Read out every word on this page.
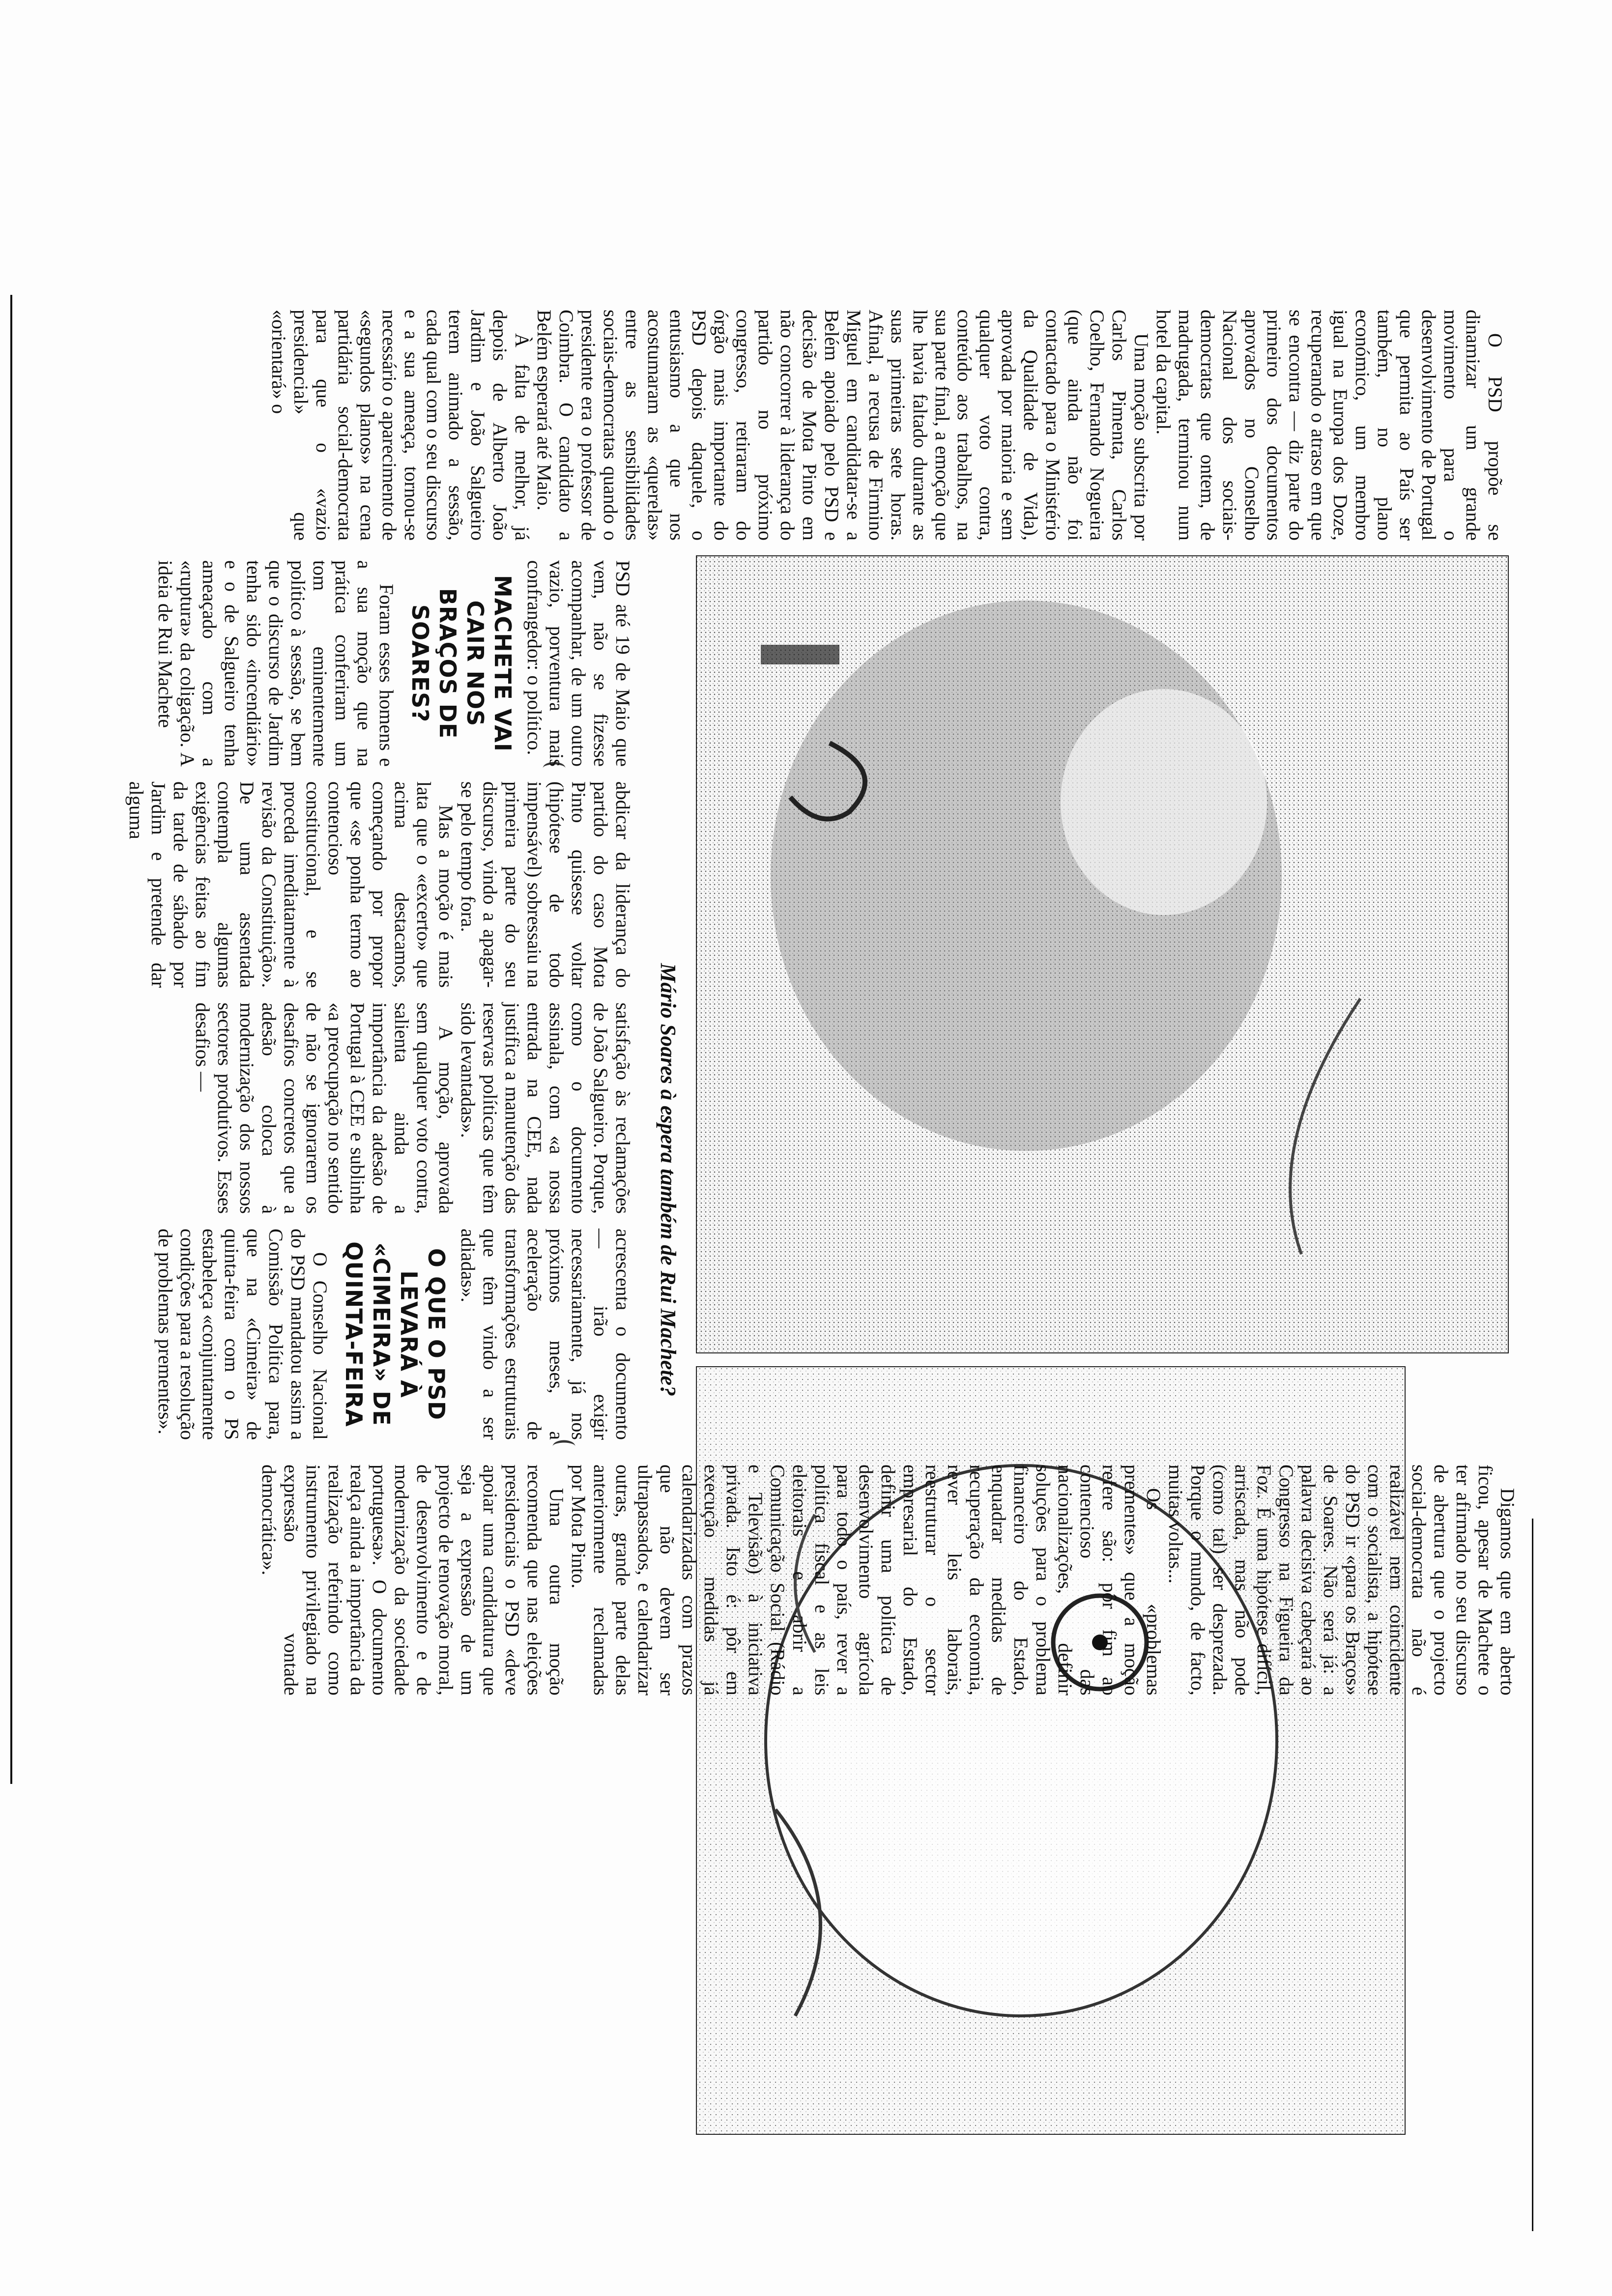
O PSD propõe se dinamizar um grande movimento para o desenvolvimento de Portugal que permita ao País ser também, no plano económico, um membro igual na Europa dos Doze, recuperando o atraso em que se encontra — diz parte do primeiro dos documentos aprovados no Conselho Nacional dos sociais-democratas que ontem, de madrugada, terminou num hotel da capital.

Uma moção subscrita por Carlos Pimenta, Carlos Coelho, Fernando Nogueira (que ainda não foi contactado para o Ministério da Qualidade de Vida), aprovada por maioria e sem qualquer voto contra, conteúdo aos trabalhos, na sua parte final, a emoção que lhe havia faltado durante as suas primeiras sete horas. Afinal, a recusa de Firmino Miguel em candidatar-se a Belém apoiado pelo PSD e decisão de Mota Pinto em não concorrer à liderança do partido no próximo congresso, retiraram do órgão mais importante do PSD depois daquele, o entusiasmo a que nos acostumaram as «querelas» entre as sensibilidades sociais-democratas quando o presidente era o professor de Coimbra. O candidato a Belém esperará até Maio.

À falta de melhor, já depois de Alberto João Jardim e João Salgueiro terem animado a sessão, cada qual com o seu discurso e a sua ameaça, tornou-se necessário o aparecimento de «segundos planos» na cena partidária social-democrata para que o «vazio presidencial» que «orientará» o

Mário Soares à espera também de Rui Machete?

PSD até 19 de Maio que vem, não se fizesse acompanhar, de um outro vazio, porventura mais confrangedor: o político.

MACHETE VAI CAIR NOS BRAÇOS DE SOARES?

Foram esses homens e a sua moção que na prática conferiram um tom eminentemente político à sessão, se bem que o discurso de Jardim tenha sido «incendiário» e o de Salgueiro tenha ameaçado com a «ruptura» da coligação. A ideia de Rui Machete

abdicar da liderança do partido do caso Mota Pinto quisesse voltar (hipótese de todo impensável) sobressaiu na primeira parte do seu discurso, vindo a apagar-se pelo tempo fora.

Mas a moção é mais lata que o «excerto» que acima destacamos, começando por propor que «se ponha termo ao contencioso constitucional, e se proceda imediatamente à revisão da Constituição». De uma assentada contempla algumas exigências feitas ao fim da tarde de sábado por Jardim e pretende dar alguma

satisfação às reclamações de João Salgueiro. Porque, como o documento assinala, com «a nossa entrada na CEE, nada justifica a manutenção das reservas políticas que têm sido levantadas».

A moção, aprovada sem qualquer voto contra, salienta ainda a importância da adesão de Portugal à CEE e sublinha «a preocupação no sentido de não se ignorarem os desafios concretos que a adesão coloca à modernização dos nossos sectores produtivos. Esses desafios —

acrescenta o documento — irão exigir necessariamente, já nos próximos meses, a aceleração de transformações estruturais que têm vindo a ser adiadas».

O QUE O PSD LEVARÁ À «CIMEIRA» DE QUINTA-FEIRA

O Conselho Nacional do PSD mandatou assim a Comissão Política para, que na «Cimeira» de quinta-feira com o PS estabeleça «conjuntamente condições para a resolução de problemas prementes».

Digamos que em aberto ficou, apesar de Machete o ter afirmado no seu discurso de abertura que o projecto social-democrata não é realizável nem coincidente com o socialista, a hipótese do PSD ir «para os Braços» de Soares. Não será já: a palavra decisiva cabeçará ao Congresso na Figueira da Foz. É uma hipótese difícil, arriscada, mas não pode (como tal) ser desprezada. Porque o mundo, de facto, muitas voltas...

Os «problemas prementes» que a moção refere são: pôr fim ao contencioso das nacionalizações, definir soluções para o problema financeiro do Estado, enquadrar medidas de recuperação da economia, rever leis laborais, reestruturar o sector empresarial do Estado, definir uma política de desenvolvimento agrícola para todo o país, rever a política fiscal e as leis eleitorais e abrir a Comunicação Social (Rádio e Televisão) à iniciativa privada. Isto é: pôr em execução medidas já calendarizadas com prazos que não devem ser ultrapassados, e calendarizar outras, grande parte delas anteriormente reclamadas por Mota Pinto.

Uma outra moção recomenda que nas eleições presidenciais o PSD «deve apoiar uma candidatura que seja a expressão de um projecto de renovação moral, de desenvolvimento e de modernização da sociedade portuguesa». O documento realça ainda a importância da realização referindo como instrumento privilegiado na expressão vontade democrática».
